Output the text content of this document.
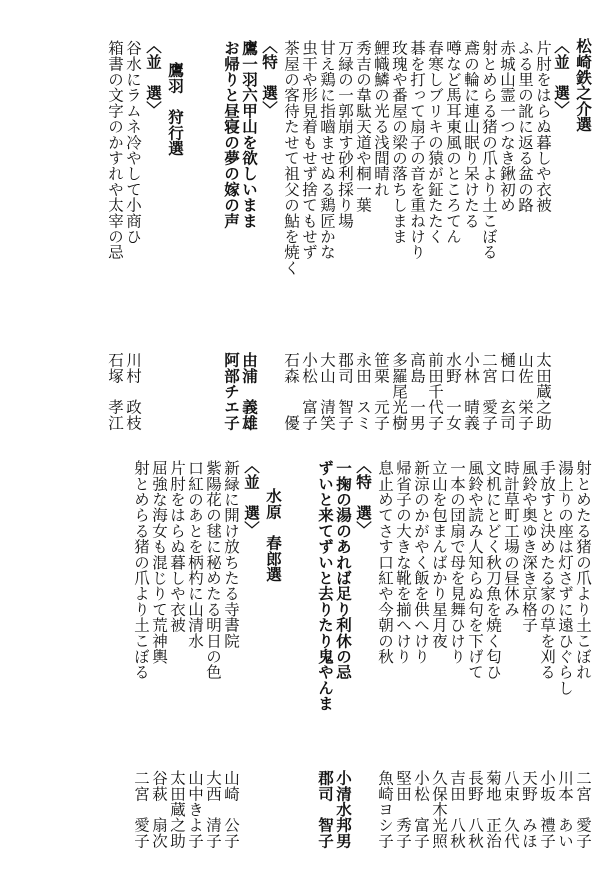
松崎鉄之介選
〈並　選〉
片肘をはらぬ暮しや衣被
ふる里の訛に返る盆の路
赤城山霊一つなき鍬初め
射とめらる猪の爪より土こぼる
鳶の輪に連山眠り呆けたる
噂など馬耳東風のところてん
春寒しブリキの猿が鉦たたく
碁を打って扇子の音を重ねけり
玫瑰や番屋の梁の落ちしまま
鯉幟鱗の光る浅間晴れ
秀吉の韋駄天道や桐一葉
万緑の一郭崩す砂利採り場
甘え鶏に指嚙ませぬる鶏匠かな
虫干や形見着もせず捨てもせず
茶屋の客待たせて祖父の鮎を焼く
〈特　選〉
鷹一羽六甲山を欲しいまま
お帰りと昼寝の夢の嫁の声
鷹羽　狩行選
〈並　選〉
谷水にラムネ冷やして小商ひ
箱書の文字のかすれや太宰の忌
太田蔵之助
山佐　栄子
樋口　玄司
二宮　愛子
小林　晴義
水野　一女
前田千代子
高島　一男
多羅尾光樹
笹栗　元子
永田　スミ
郡司　智子
大山　清笑
小松　富子
石森　　優
由浦　義雄
阿部チエ子
川村　政枝
石塚　孝江
射とめたる猪の爪より土こぼれ
湯上りの座は灯さずに遠ひぐらし
手放すと決めたる家の草を刈る
風鈴や奥ゆき深き京格子
時計草町工場の昼休み
文机にとどく秋刀魚を焼く匂ひ
風鈴や読み人知らぬ句を下げて
一本の団扇で母を見舞ひけり
立山を包まんばかり星月夜
新涼のかがやく飯を供へけり
帰省子の大きな靴を揃へけり
息止めてさす口紅や今朝の秋
〈特　選〉
一掬の湯のあれば足り利休の忌
ずいと来てずいと去りたり鬼やんま
水原　春郎選
〈並　選〉
新緑に開け放ちたる寺書院
紫陽花の毬に秘めたる明日の色
口紅のあとを柄杓に山清水
片肘をはらぬ暮しや衣被
屈強な海女も混じりて荒神輿
射とめらる猪の爪より土こぼる
二宮　愛子
川本　あい
小坂　禮子
天野　みほ
八束　久代
菊地　正治
長野　八秋
吉田　八秋
久保木光照
小松　富子
堅田　秀子
魚崎ヨシ子
小清水邦男
郡司　智子
山崎　公子
大西　清子
山中きよ子
太田蔵之助
谷萩　扇次
二宮　愛子
